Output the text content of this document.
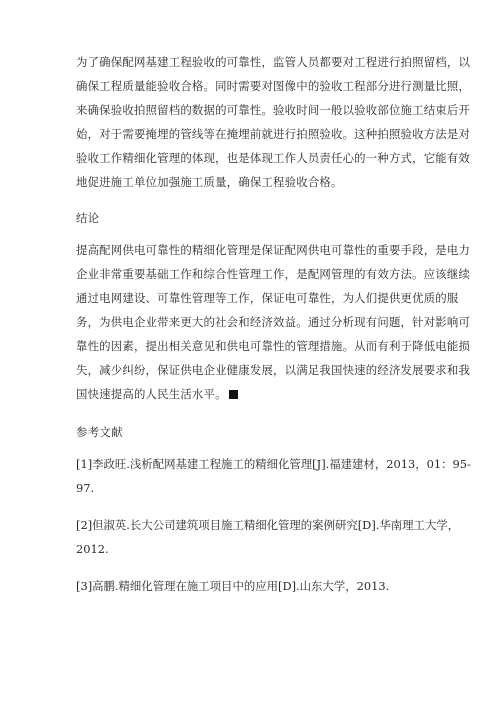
为了确保配网基建工程验收的可靠性，监管人员都要对工程进行拍照留档，以
确保工程质量能验收合格。同时需要对图像中的验收工程部分进行测量比照，
来确保验收拍照留档的数据的可靠性。验收时间一般以验收部位施工结束后开
始，对于需要掩埋的管线等在掩埋前就进行拍照验收。这种拍照验收方法是对
验收工作精细化管理的体现，也是体现工作人员责任心的一种方式，它能有效
地促进施工单位加强施工质量，确保工程验收合格。
结论
提高配网供电可靠性的精细化管理是保证配网供电可靠性的重要手段，是电力
企业非常重要基础工作和综合性管理工作，是配网管理的有效方法。应该继续
通过电网建设、可靠性管理等工作，保证电可靠性，为人们提供更优质的服
务，为供电企业带来更大的社会和经济效益。通过分析现有问题，针对影响可
靠性的因素，提出相关意见和供电可靠性的管理措施。从而有利于降低电能损
失，减少纠纷，保证供电企业健康发展，以满足我国快速的经济发展要求和我
国快速提高的人民生活水平。
参考文献
[1]李政旺.浅析配网基建工程施工的精细化管理[J].福建建材，2013，01：95-
97.
[2]但淑英.长大公司建筑项目施工精细化管理的案例研究[D].华南理工大学，
2012.
[3]高鹏.精细化管理在施工项目中的应用[D].山东大学，2013.
